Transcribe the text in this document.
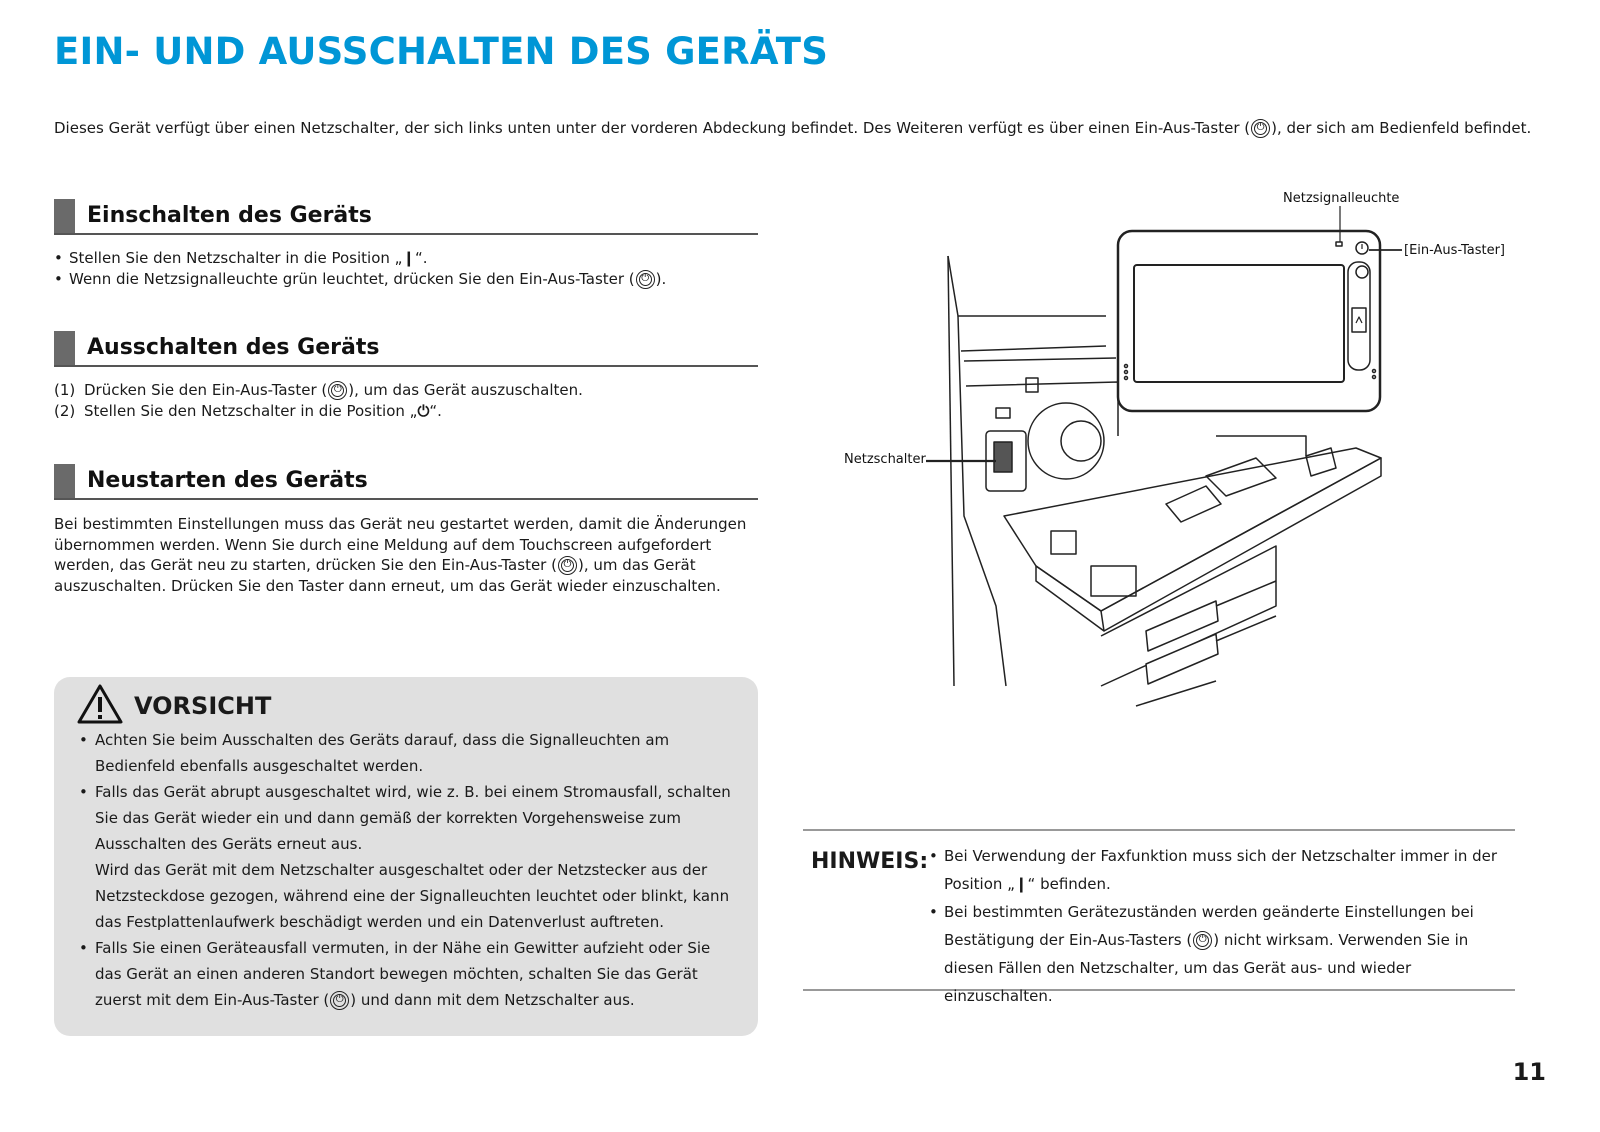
EIN- UND AUSSCHALTEN DES GERÄTS

Dieses Gerät verfügt über einen Netzschalter, der sich links unten unter der vorderen Abdeckung befindet. Des Weiteren verfügt es über einen Ein-Aus-Taster ( ⏻ ), der sich am Bedienfeld befindet.

Einschalten des Geräts
• Stellen Sie den Netzschalter in die Position „❙“.
• Wenn die Netzsignalleuchte grün leuchtet, drücken Sie den Ein-Aus-Taster ( ⏻ ).
Ausschalten des Geräts
(1) Drücken Sie den Ein-Aus-Taster ( ⏻ ), um das Gerät auszuschalten.
(2) Stellen Sie den Netzschalter in die Position „⏻“.
Neustarten des Geräts

Bei bestimmten Einstellungen muss das Gerät neu gestartet werden, damit die Änderungen übernommen werden. Wenn Sie durch eine Meldung auf dem Touchscreen aufgefordert werden, das Gerät neu zu starten, drücken Sie den Ein-Aus-Taster ( ⏻ ), um das Gerät auszuschalten. Drücken Sie den Taster dann erneut, um das Gerät wieder einzuschalten.

VORSICHT
• Achten Sie beim Ausschalten des Geräts darauf, dass die Signalleuchten am Bedienfeld ebenfalls ausgeschaltet werden.
• Falls das Gerät abrupt ausgeschaltet wird, wie z. B. bei einem Stromausfall, schalten Sie das Gerät wieder ein und dann gemäß der korrekten Vorgehensweise zum Ausschalten des Geräts erneut aus.
Wird das Gerät mit dem Netzschalter ausgeschaltet oder der Netzstecker aus der Netzsteckdose gezogen, während eine der Signalleuchten leuchtet oder blinkt, kann das Festplattenlaufwerk beschädigt werden und ein Datenverlust auftreten.
• Falls Sie einen Geräteausfall vermuten, in der Nähe ein Gewitter aufzieht oder Sie das Gerät an einen anderen Standort bewegen möchten, schalten Sie das Gerät zuerst mit dem Ein-Aus-Taster ( ⏻ ) und dann mit dem Netzschalter aus.
Netzsignalleuchte
[Ein-Aus-Taster]
Netzschalter
HINWEIS:	• Bei Verwendung der Faxfunktion muss sich der Netzschalter immer in der Position „❙“ befinden.
• Bei bestimmten Gerätezuständen werden geänderte Einstellungen bei Bestätigung der Ein-Aus-Tasters ( ⏻ ) nicht wirksam. Verwenden Sie in diesen Fällen den Netzschalter, um das Gerät aus- und wieder einzuschalten.
11
